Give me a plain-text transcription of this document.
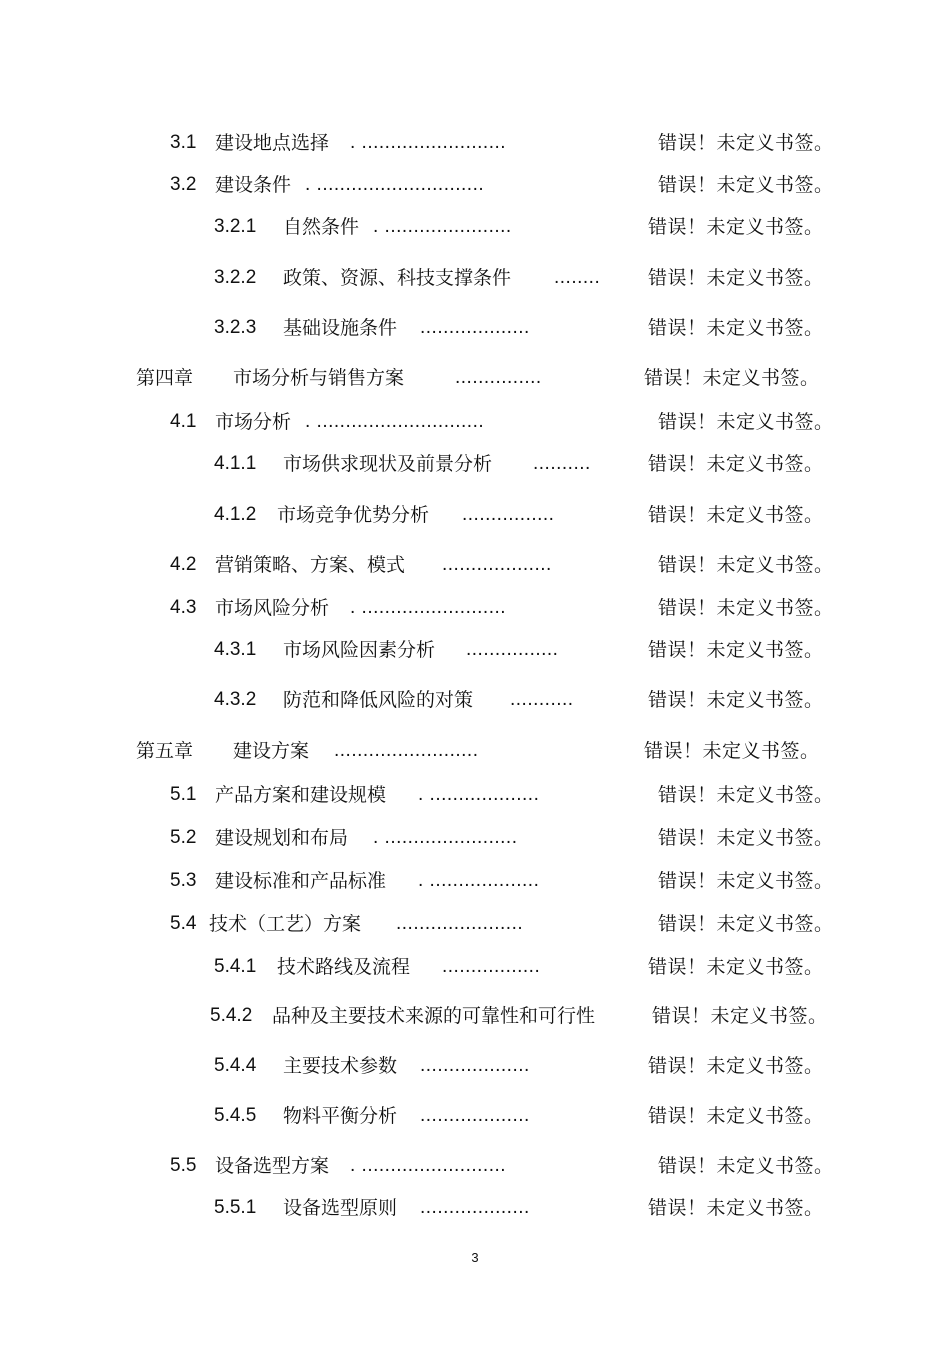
3.1 建设地点选择 . .........................	错误！未定义书签。
3.2 建设条件 . .............................	错误！未定义书签。
3.2.1 自然条件 . ......................	错误！未定义书签。
3.2.2 政策、资源、科技支撑条件 ........	错误！未定义书签。
3.2.3 基础设施条件 ...................	错误！未定义书签。
第四章 市场分析与销售方案	...............	错误！未定义书签。
4.1 市场分析 . .............................	错误！未定义书签。
4.1.1 市场供求现状及前景分析 ..........	错误！未定义书签。
4.1.2 市场竞争优势分析 ................	错误！未定义书签。
4.2 营销策略、方案、模式 ...................	错误！未定义书签。
4.3 市场风险分析 . .........................	错误！未定义书签。
4.3.1 市场风险因素分析 ................	错误！未定义书签。
4.3.2 防范和降低风险的对策 ...........	错误！未定义书签。
第五章 建设方案 .........................	错误！未定义书签。
5.1 产品方案和建设规模 . ...................	错误！未定义书签。
5.2 建设规划和布局 . .......................	错误！未定义书签。
5.3 建设标准和产品标准 . ...................	错误！未定义书签。
5.4 技术（工艺）方案 ......................	错误！未定义书签。
5.4.1 技术路线及流程 .................	错误！未定义书签。
5.4.2 品种及主要技术来源的可靠性和可行性	错误！未定义书签。
5.4.4 主要技术参数 ...................	错误！未定义书签。
5.4.5 物料平衡分析 ...................	错误！未定义书签。
5.5 设备选型方案 . .........................	错误！未定义书签。
5.5.1 设备选型原则 ...................	错误！未定义书签。
3
